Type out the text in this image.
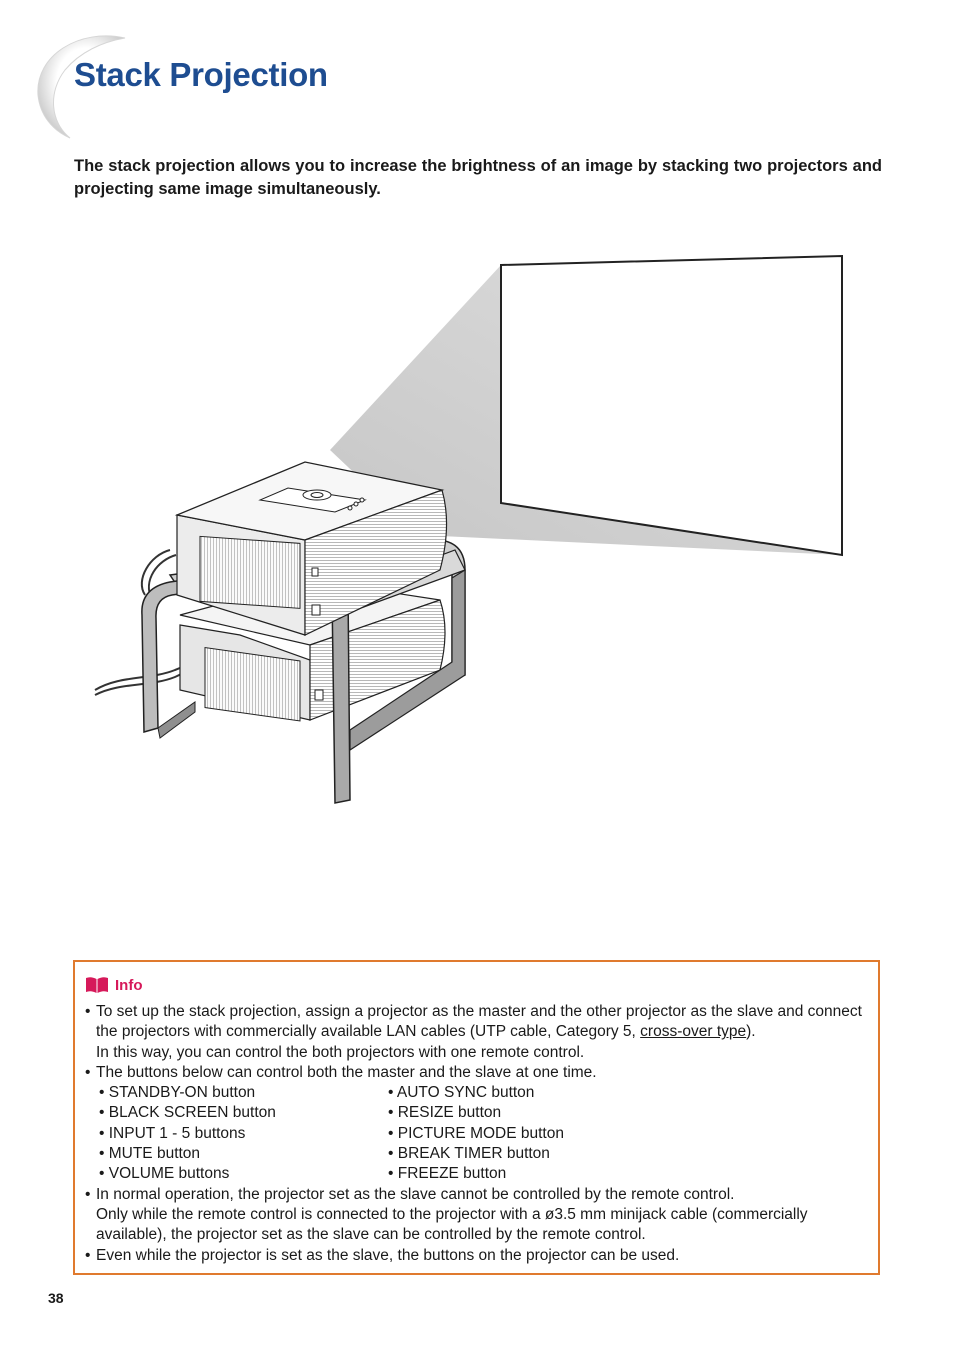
Stack Projection

The stack projection allows you to increase the brightness of an image by stacking two projectors and projecting same image simultaneously.

Info
• To set up the stack projection, assign a projector as the master and the other projector as the slave and connect the projectors with commercially available LAN cables (UTP cable, Category 5, cross-over type).
In this way, you can control the both projectors with one remote control.
• The buttons below can control both the master and the slave at one time.
• STANDBY-ON button	• AUTO SYNC button
• BLACK SCREEN button	• RESIZE button
• INPUT 1 - 5 buttons	• PICTURE MODE button
• MUTE button	• BREAK TIMER button
• VOLUME buttons	• FREEZE button
• In normal operation, the projector set as the slave cannot be controlled by the remote control.
Only while the remote control is connected to the projector with a ø3.5 mm minijack cable (commercially available), the projector set as the slave can be controlled by the remote control.
• Even while the projector is set as the slave, the buttons on the projector can be used.
38
